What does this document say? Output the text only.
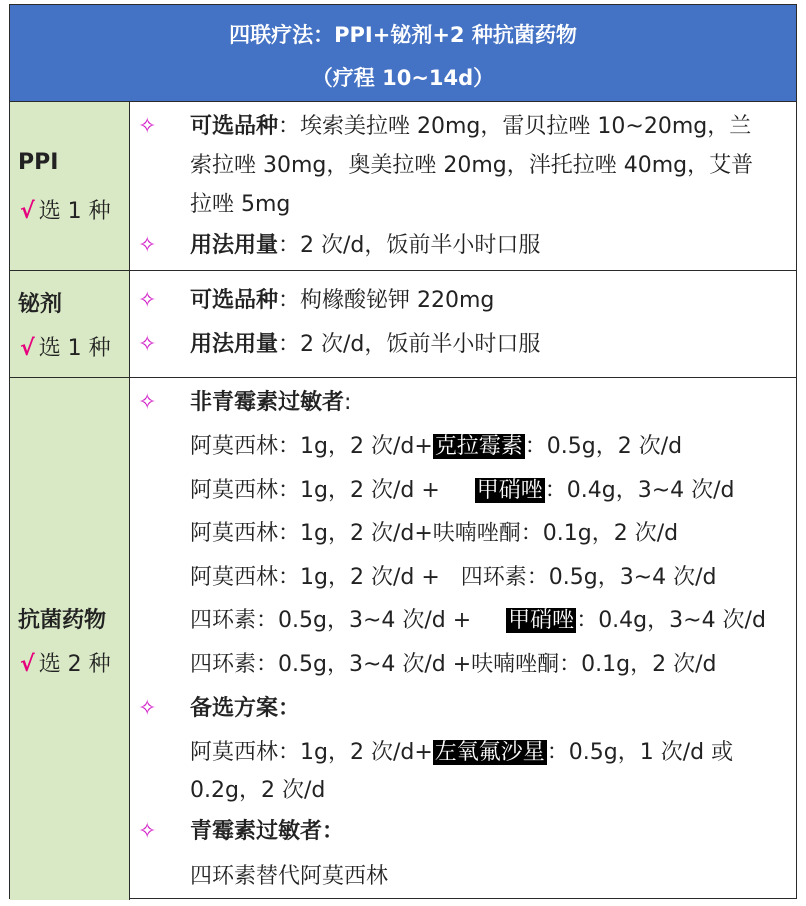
四联疗法：PPI+铋剂+2 种抗菌药物
（疗程 10~14d）
PPI
√ 选 1 种
✧ 可选品种：埃索美拉唑 20mg，雷贝拉唑 10~20mg，兰
索拉唑 30mg，奥美拉唑 20mg，泮托拉唑 40mg，艾普
拉唑 5mg
✧ 用法用量：2 次/d，饭前半小时口服
铋剂
√ 选 1 种
✧ 可选品种：枸橼酸铋钾 220mg
✧ 用法用量：2 次/d，饭前半小时口服
抗菌药物
√ 选 2 种
✧ 非青霉素过敏者:
阿莫西林：1g，2 次/d+克拉霉素：0.5g，2 次/d
阿莫西林：1g，2 次/d + 甲硝唑：0.4g，3~4 次/d
阿莫西林：1g，2 次/d+呋喃唑酮：0.1g，2 次/d
阿莫西林：1g，2 次/d +   四环素：0.5g，3~4 次/d
四环素：0.5g，3~4 次/d + 甲硝唑：0.4g，3~4 次/d
四环素：0.5g，3~4 次/d +呋喃唑酮：0.1g，2 次/d
✧ 备选方案：
阿莫西林：1g，2 次/d+左氧氟沙星：0.5g，1 次/d 或
0.2g，2 次/d
✧ 青霉素过敏者：
四环素替代阿莫西林
